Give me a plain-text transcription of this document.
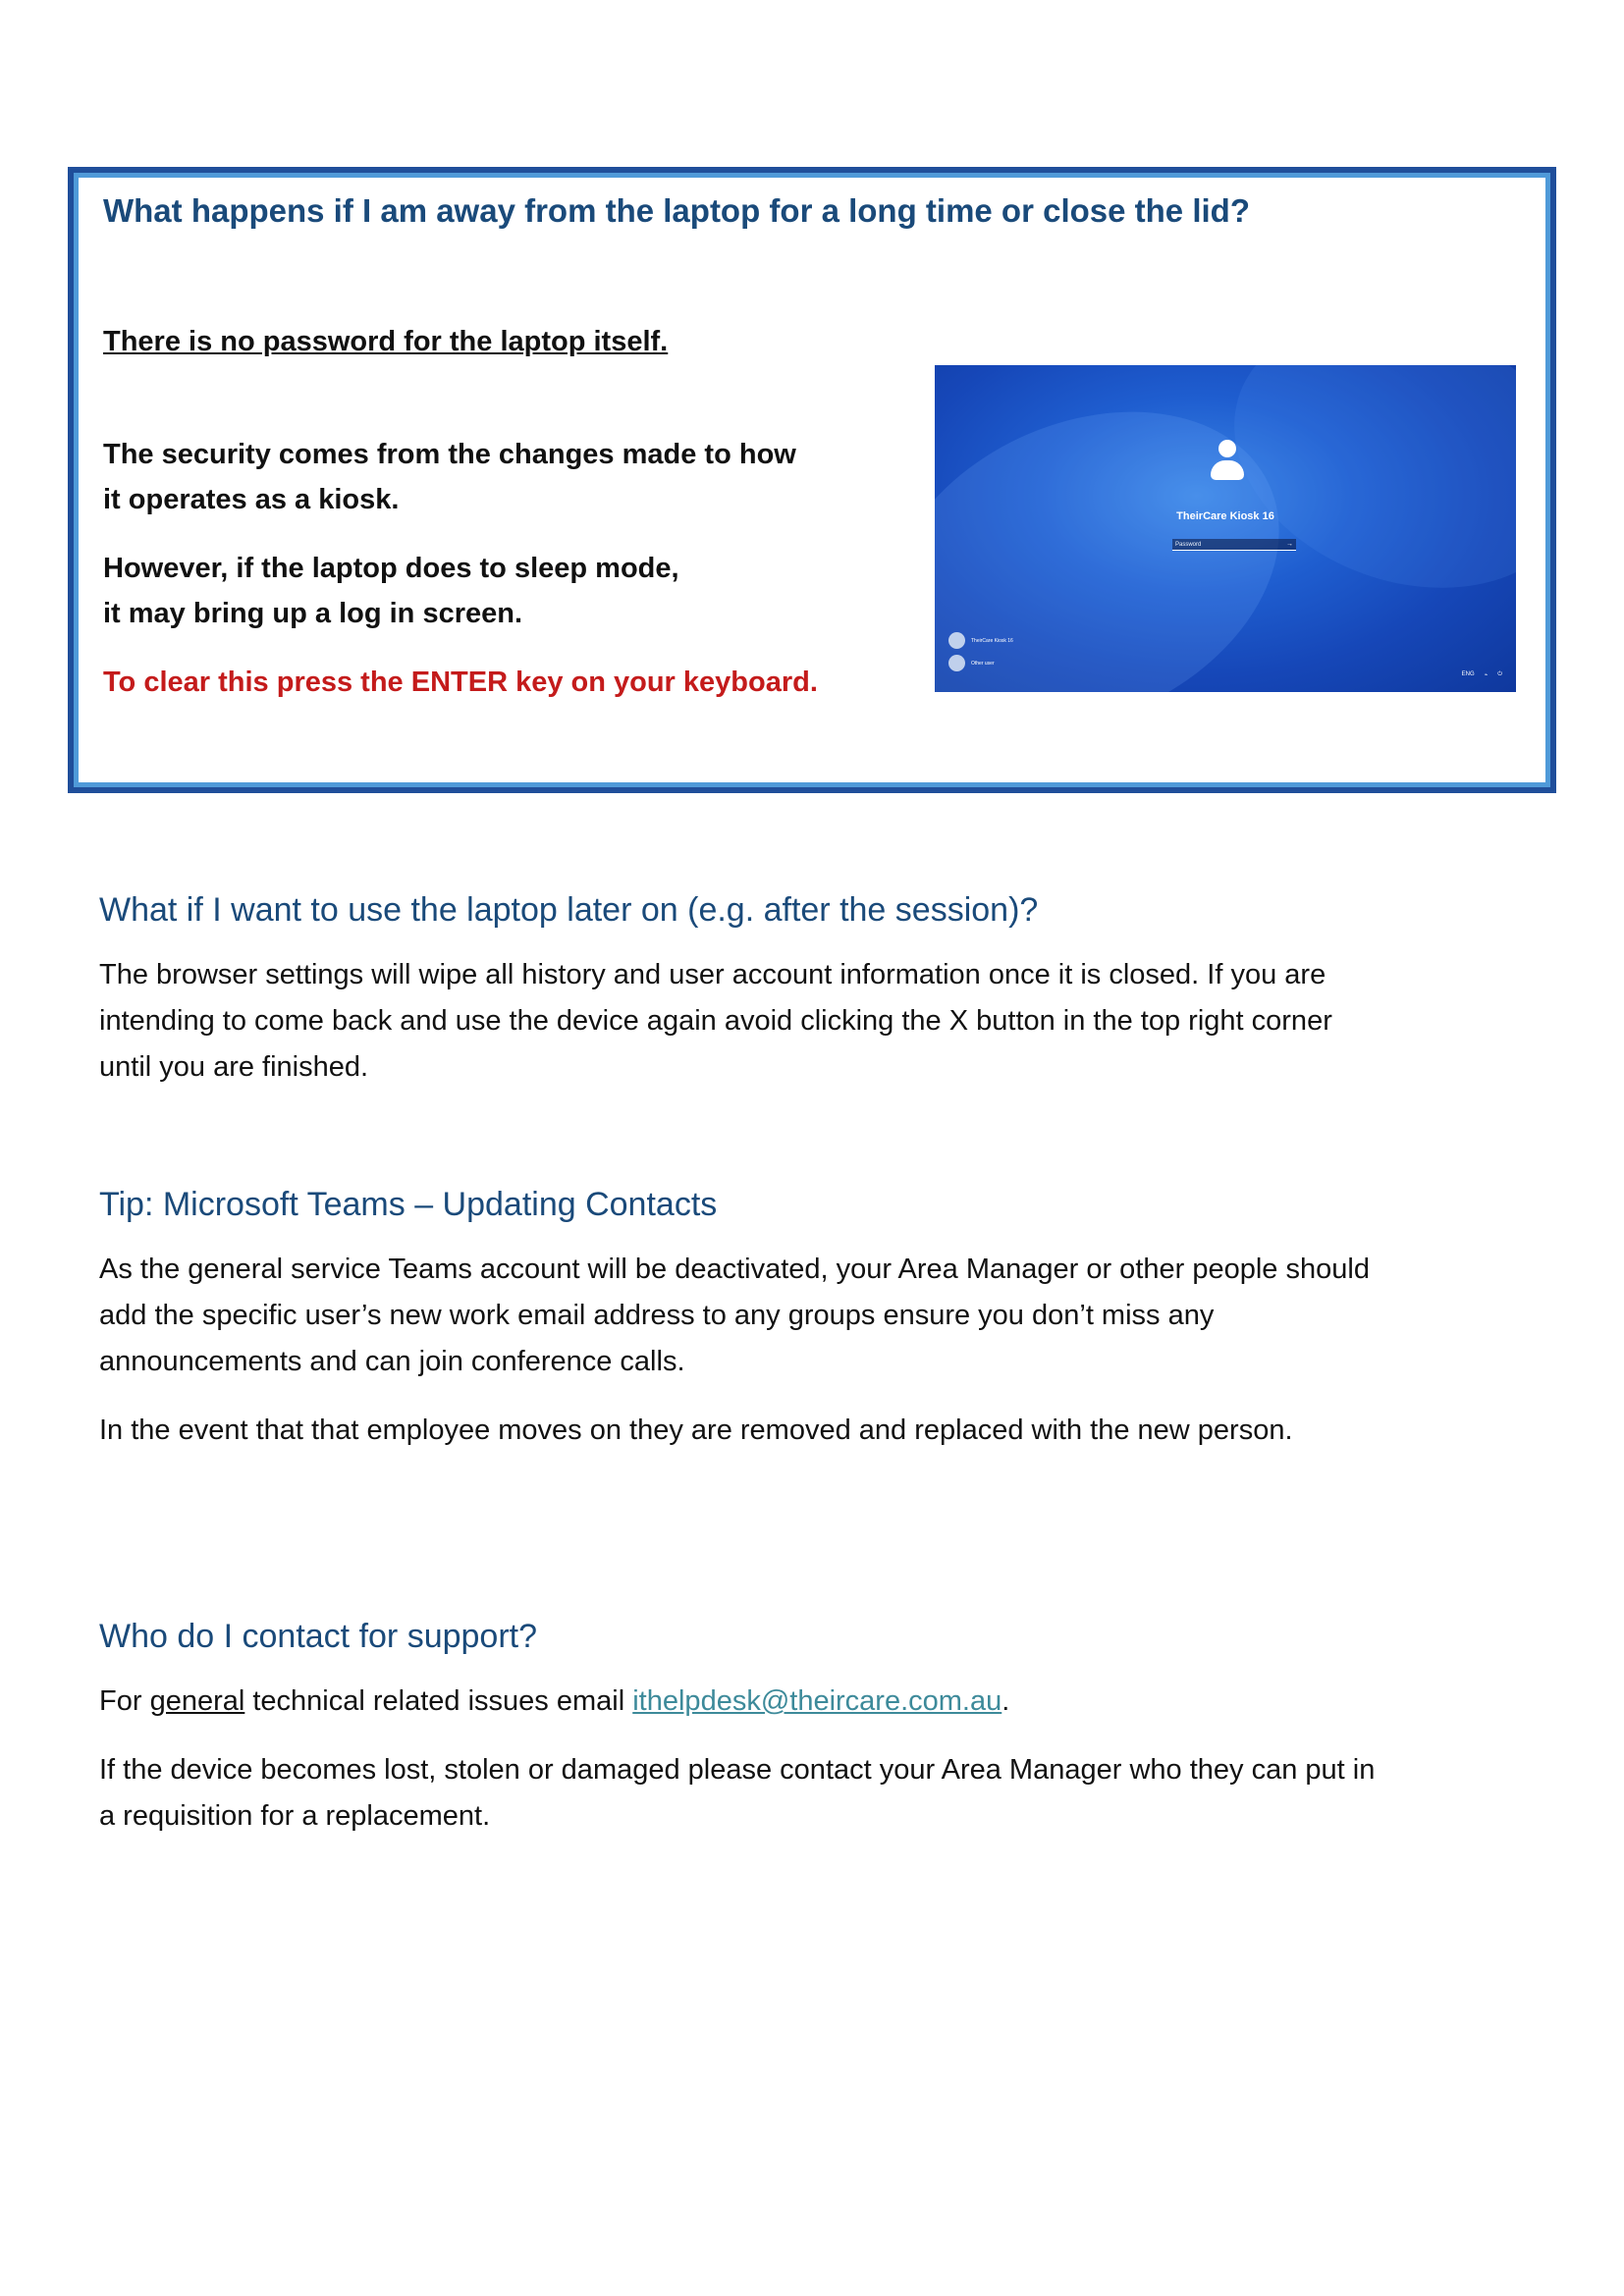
What happens if I am away from the laptop for a long time or close the lid?

There is no password for the laptop itself.

The security comes from the changes made to how
it operates as a kiosk.

However, if the laptop does to sleep mode,
it may bring up a log in screen.

To clear this press the ENTER key on your keyboard.

TheirCare Kiosk 16
Password	→
TheirCare Kiosk 16
Other user
ENG ⌁ ⏻
What if I want to use the laptop later on (e.g. after the session)?

The browser settings will wipe all history and user account information once it is closed. If you are
intending to come back and use the device again avoid clicking the X button in the top right corner
until you are finished.

Tip: Microsoft Teams – Updating Contacts

As the general service Teams account will be deactivated, your Area Manager or other people should
add the specific user’s new work email address to any groups ensure you don’t miss any
announcements and can join conference calls.

In the event that that employee moves on they are removed and replaced with the new person.

Who do I contact for support?

For general technical related issues email ithelpdesk@theircare.com.au.

If the device becomes lost, stolen or damaged please contact your Area Manager who they can put in
a requisition for a replacement.
